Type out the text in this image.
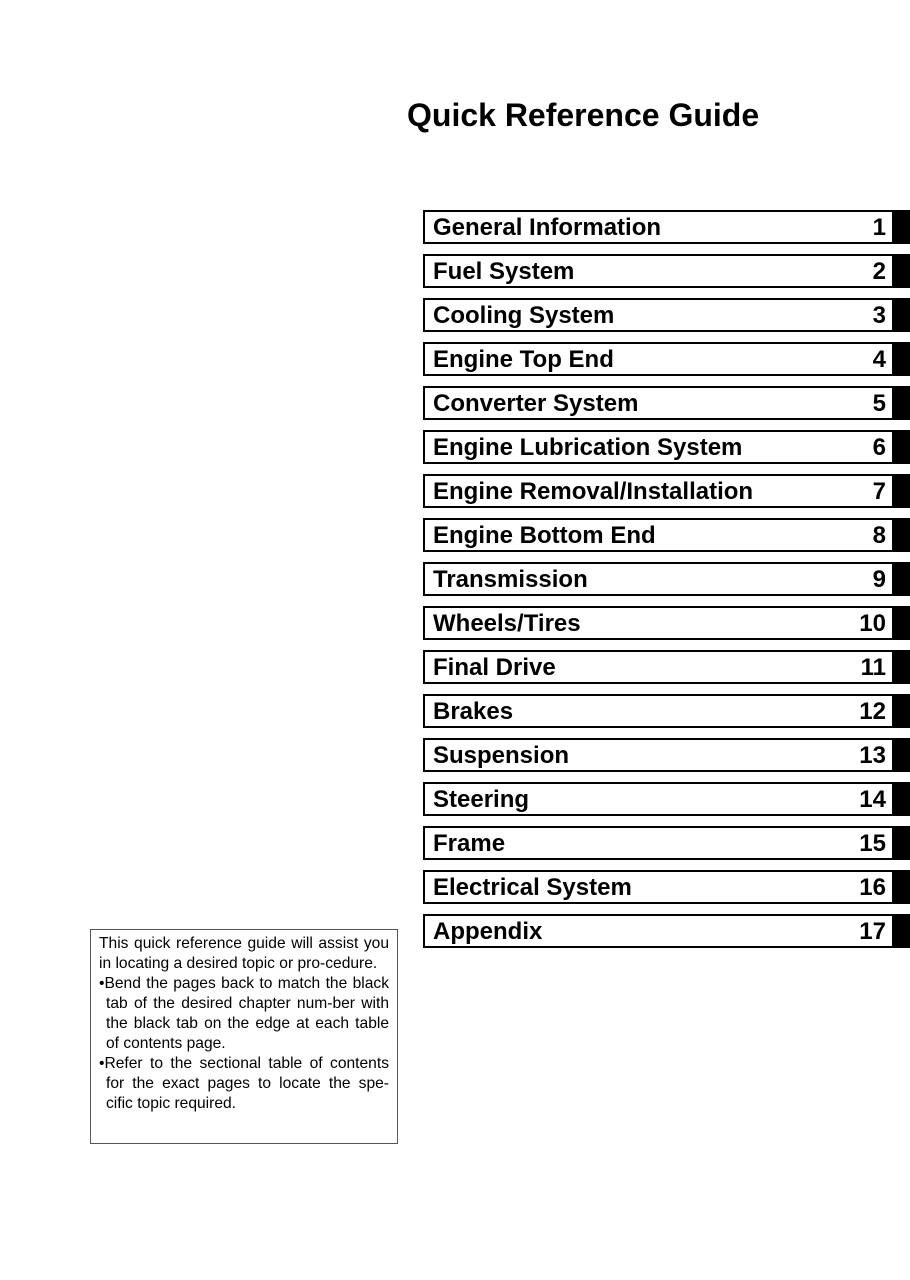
Quick Reference Guide
General Information	1
Fuel System	2
Cooling System	3
Engine Top End	4
Converter System	5
Engine Lubrication System	6
Engine Removal/Installation	7
Engine Bottom End	8
Transmission	9
Wheels/Tires	10
Final Drive	11
Brakes	12
Suspension	13
Steering	14
Frame	15
Electrical System	16
Appendix	17

This quick reference guide will assist you in locating a desired topic or pro-cedure.

•Bend the pages back to match the black tab of the desired chapter num-ber with the black tab on the edge at each table of contents page.

•Refer to the sectional table of contents for the exact pages to locate the spe-cific topic required.
